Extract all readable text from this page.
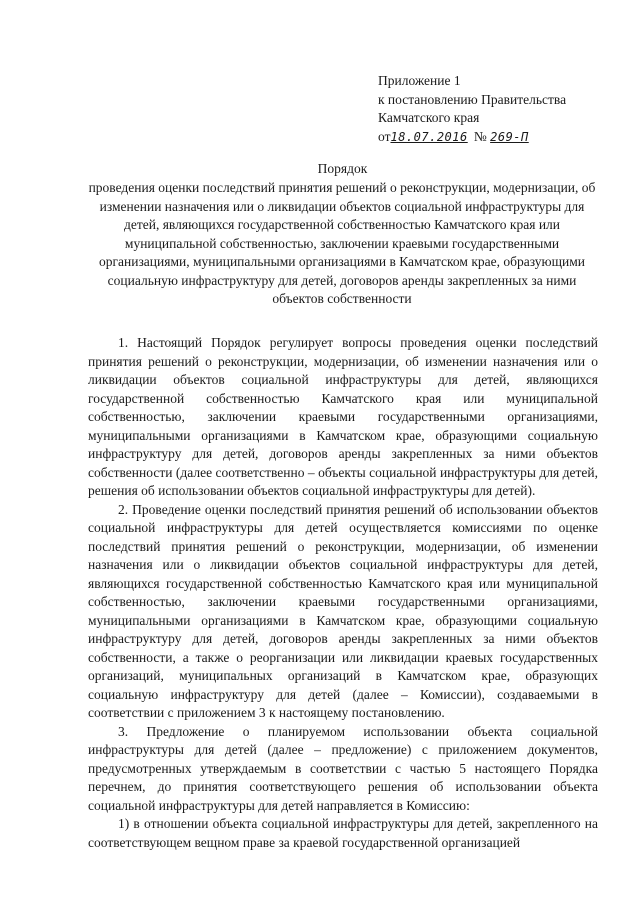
Приложение 1
к постановлению Правительства
Камчатского края
от18.07.2016 № 269-П
Порядок
проведения оценки последствий принятия решений о реконструкции, модернизации, об изменении назначения или о ликвидации объектов социальной инфраструктуры для детей, являющихся государственной собственностью Камчатского края или муниципальной собственностью, заключении краевыми государственными организациями, муниципальными организациями в Камчатском крае, образующими социальную инфраструктуру для детей, договоров аренды закрепленных за ними объектов собственности

1. Настоящий Порядок регулирует вопросы проведения оценки последствий принятия решений о реконструкции, модернизации, об изменении назначения или о ликвидации объектов социальной инфраструктуры для детей, являющихся государственной собственностью Камчатского края или муниципальной собственностью, заключении краевыми государственными организациями, муниципальными организациями в Камчатском крае, образующими социальную инфраструктуру для детей, договоров аренды закрепленных за ними объектов собственности (далее соответственно – объекты социальной инфраструктуры для детей, решения об использовании объектов социальной инфраструктуры для детей).

2. Проведение оценки последствий принятия решений об использовании объектов социальной инфраструктуры для детей осуществляется комиссиями по оценке последствий принятия решений о реконструкции, модернизации, об изменении назначения или о ликвидации объектов социальной инфраструктуры для детей, являющихся государственной собственностью Камчатского края или муниципальной собственностью, заключении краевыми государственными организациями, муниципальными организациями в Камчатском крае, образующими социальную инфраструктуру для детей, договоров аренды закрепленных за ними объектов собственности, а также о реорганизации или ликвидации краевых государственных организаций, муниципальных организаций в Камчатском крае, образующих социальную инфраструктуру для детей (далее – Комиссии), создаваемыми в соответствии с приложением 3 к настоящему постановлению.

3. Предложение о планируемом использовании объекта социальной инфраструктуры для детей (далее – предложение) с приложением документов, предусмотренных утверждаемым в соответствии с частью 5 настоящего Порядка перечнем, до принятия соответствующего решения об использовании объекта социальной инфраструктуры для детей направляется в Комиссию:

1) в отношении объекта социальной инфраструктуры для детей, закрепленного на соответствующем вещном праве за краевой государственной организацией
